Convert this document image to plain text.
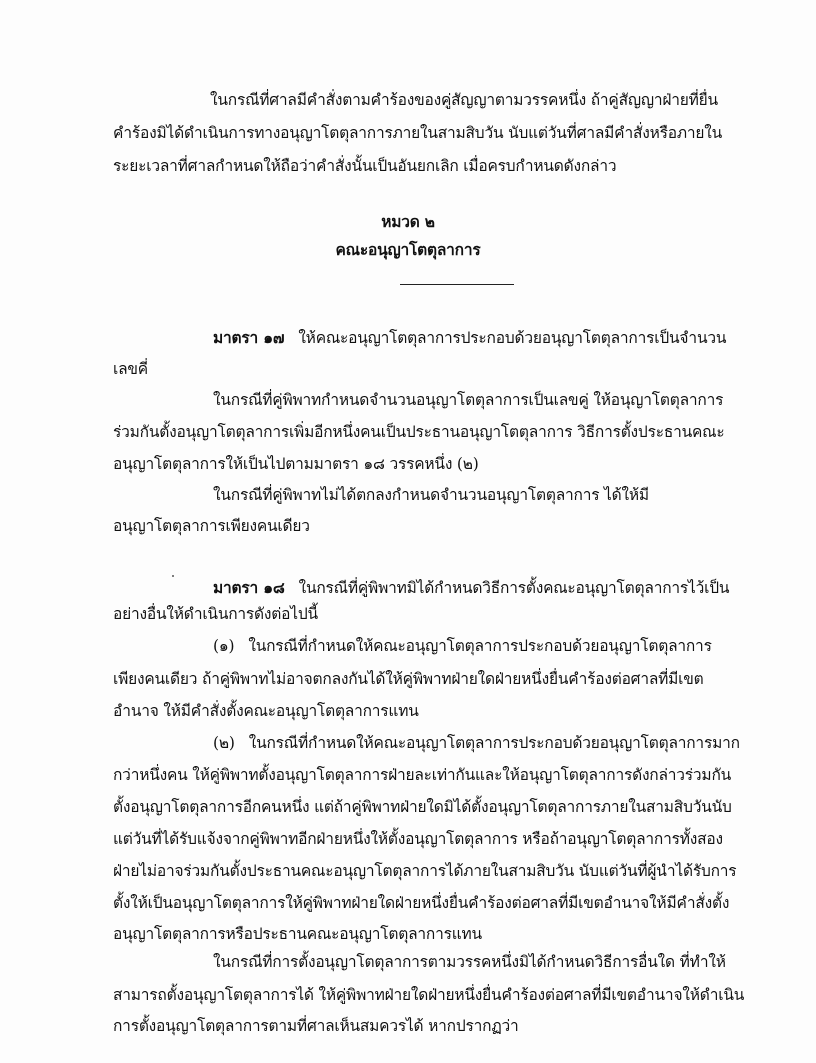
ในกรณีที่ศาลมีคำสั่งตามคำร้องของคู่สัญญาตามวรรคหนึ่ง ถ้าคู่สัญญาฝ่ายที่ยื่น
คำร้องมิได้ดำเนินการทางอนุญาโตตุลาการภายในสามสิบวัน นับแต่วันที่ศาลมีคำสั่งหรือภายใน
ระยะเวลาที่ศาลกำหนดให้ถือว่าคำสั่งนั้นเป็นอันยกเลิก เมื่อครบกำหนดดังกล่าว
หมวด ๒
คณะอนุญาโตตุลาการ
มาตรา ๑๗ ให้คณะอนุญาโตตุลาการประกอบด้วยอนุญาโตตุลาการเป็นจำนวน
เลขคี่
ในกรณีที่คู่พิพาทกำหนดจำนวนอนุญาโตตุลาการเป็นเลขคู่ ให้อนุญาโตตุลาการ
ร่วมกันตั้งอนุญาโตตุลาการเพิ่มอีกหนึ่งคนเป็นประธานอนุญาโตตุลาการ วิธีการตั้งประธานคณะ
อนุญาโตตุลาการให้เป็นไปตามมาตรา ๑๘ วรรคหนึ่ง (๒)
ในกรณีที่คู่พิพาทไม่ได้ตกลงกำหนดจำนวนอนุญาโตตุลาการ ได้ให้มี
อนุญาโตตุลาการเพียงคนเดียว
มาตรา ๑๘ ในกรณีที่คู่พิพาทมิได้กำหนดวิธีการตั้งคณะอนุญาโตตุลาการไว้เป็น
อย่างอื่นให้ดำเนินการดังต่อไปนี้
(๑) ในกรณีที่กำหนดให้คณะอนุญาโตตุลาการประกอบด้วยอนุญาโตตุลาการ
เพียงคนเดียว ถ้าคู่พิพาทไม่อาจตกลงกันได้ให้คู่พิพาทฝ่ายใดฝ่ายหนึ่งยื่นคำร้องต่อศาลที่มีเขต
อำนาจ ให้มีคำสั่งตั้งคณะอนุญาโตตุลาการแทน
(๒) ในกรณีที่กำหนดให้คณะอนุญาโตตุลาการประกอบด้วยอนุญาโตตุลาการมาก
กว่าหนึ่งคน ให้คู่พิพาทตั้งอนุญาโตตุลาการฝ่ายละเท่ากันและให้อนุญาโตตุลาการดังกล่าวร่วมกัน
ตั้งอนุญาโตตุลาการอีกคนหนึ่ง แต่ถ้าคู่พิพาทฝ่ายใดมิได้ตั้งอนุญาโตตุลาการภายในสามสิบวันนับ
แต่วันที่ได้รับแจ้งจากคู่พิพาทอีกฝ่ายหนึ่งให้ตั้งอนุญาโตตุลาการ หรือถ้าอนุญาโตตุลาการทั้งสอง
ฝ่ายไม่อาจร่วมกันตั้งประธานคณะอนุญาโตตุลาการได้ภายในสามสิบวัน นับแต่วันที่ผู้นำได้รับการ
ตั้งให้เป็นอนุญาโตตุลาการให้คู่พิพาทฝ่ายใดฝ่ายหนึ่งยื่นคำร้องต่อศาลที่มีเขตอำนาจให้มีคำสั่งตั้ง
อนุญาโตตุลาการหรือประธานคณะอนุญาโตตุลาการแทน
ในกรณีที่การตั้งอนุญาโตตุลาการตามวรรคหนึ่งมิได้กำหนดวิธีการอื่นใด ที่ทำให้
สามารถตั้งอนุญาโตตุลาการได้ ให้คู่พิพาทฝ่ายใดฝ่ายหนึ่งยื่นคำร้องต่อศาลที่มีเขตอำนาจให้ดำเนิน
การตั้งอนุญาโตตุลาการตามที่ศาลเห็นสมควรได้ หากปรากฏว่า
